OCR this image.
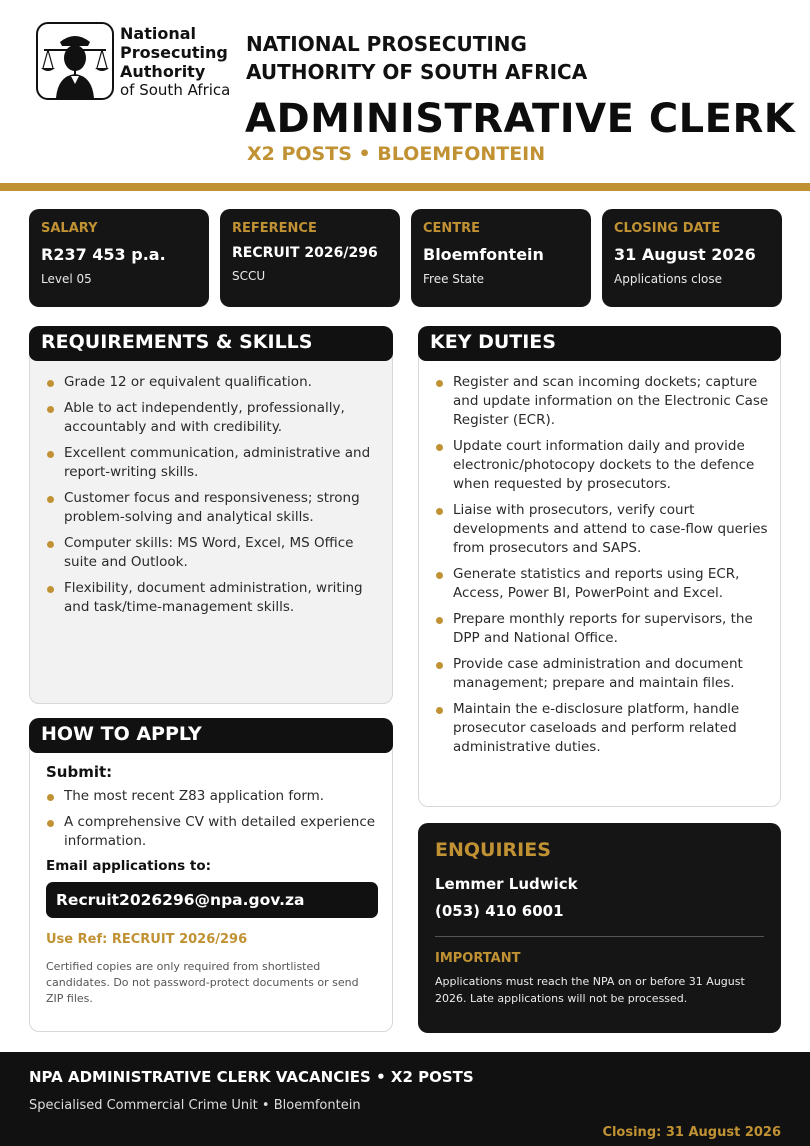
National
Prosecuting
Authority
of South Africa
NATIONAL PROSECUTING
AUTHORITY OF SOUTH AFRICA
ADMINISTRATIVE CLERK
X2 POSTS • BLOEMFONTEIN
SALARY
R237 453 p.a.
Level 05
REFERENCE
RECRUIT 2026/296
SCCU
CENTRE
Bloemfontein
Free State
CLOSING DATE
31 August 2026
Applications close
REQUIREMENTS & SKILLS
Grade 12 or equivalent qualification.
Able to act independently, professionally, accountably and with credibility.
Excellent communication, administrative and report-writing skills.
Customer focus and responsiveness; strong problem-solving and analytical skills.
Computer skills: MS Word, Excel, MS Office suite and Outlook.
Flexibility, document administration, writing and task/time-management skills.
KEY DUTIES
Register and scan incoming dockets; capture and update information on the Electronic Case Register (ECR).
Update court information daily and provide electronic/photocopy dockets to the defence when requested by prosecutors.
Liaise with prosecutors, verify court developments and attend to case-flow queries from prosecutors and SAPS.
Generate statistics and reports using ECR, Access, Power BI, PowerPoint and Excel.
Prepare monthly reports for supervisors, the DPP and National Office.
Provide case administration and document management; prepare and maintain files.
Maintain the e-disclosure platform, handle prosecutor caseloads and perform related administrative duties.
HOW TO APPLY
Submit:
The most recent Z83 application form.
A comprehensive CV with detailed experience information.
Email applications to:
Recruit2026296@npa.gov.za
Use Ref: RECRUIT 2026/296
Certified copies are only required from shortlisted candidates. Do not password-protect documents or send ZIP files.
ENQUIRIES
Lemmer Ludwick
(053) 410 6001
IMPORTANT
Applications must reach the NPA on or before 31 August 2026. Late applications will not be processed.
NPA ADMINISTRATIVE CLERK VACANCIES • X2 POSTS
Specialised Commercial Crime Unit • Bloemfontein
Closing: 31 August 2026
